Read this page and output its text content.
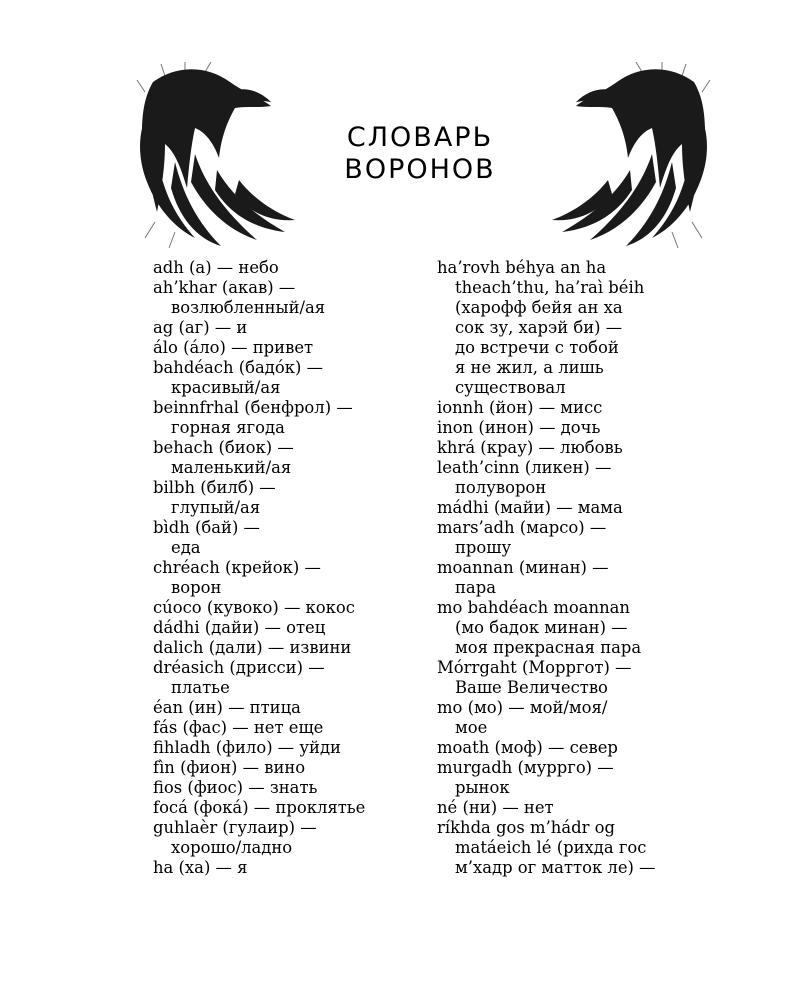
СЛОВАРЬ
ВОРОНОВ
adh (а) — небо
ah’khar (акав) —
возлюбленный/ая
ag (аг) — и
álo (áло) — привет
bahdéach (бадóк) —
красивый/ая
beinnfrhal (бенфрол) —
горная ягода
behach (биок) —
маленький/ая
bilbh (билб) —
глупый/ая
bìdh (бай) —
еда
chréach (крейок) —
ворон
cúoco (кувоко) — кокос
dádhi (дайи) — отец
dalich (дали) — извини
dréasich (дрисси) —
платье
éan (ин) — птица
fás (фас) — нет еще
fihladh (фило) — уйди
fìn (фион) — вино
fios (фиос) — знать
focá (фокá) — проклятье
guhlaèr (гулаир) —
хорошо/ладно
ha (ха) — я
ha’rovh béhya an ha
theach’thu, ha’raì béih
(харофф бейя ан ха
сок зу, харэй би) —
до встречи с тобой
я не жил, а лишь
существовал
ionnh (йон) — мисс
inon (инон) — дочь
khrá (крау) — любовь
leath’cinn (ликен) —
полуворон
mádhi (майи) — мама
mars’adh (марсо) —
прошу
moannan (минан) —
пара
mo bahdéach moannan
(мо бадок минан) —
моя прекрасная пара
Mórrgaht (Морргот) —
Ваше Величество
mo (мо) — мой/моя/
мое
moath (моф) — север
murgadh (мурргo) —
рынок
né (ни) — нет
ríkhda gos m’hádr og
matáeich lé (рихда гос
м’хадр ог матток ле) —
